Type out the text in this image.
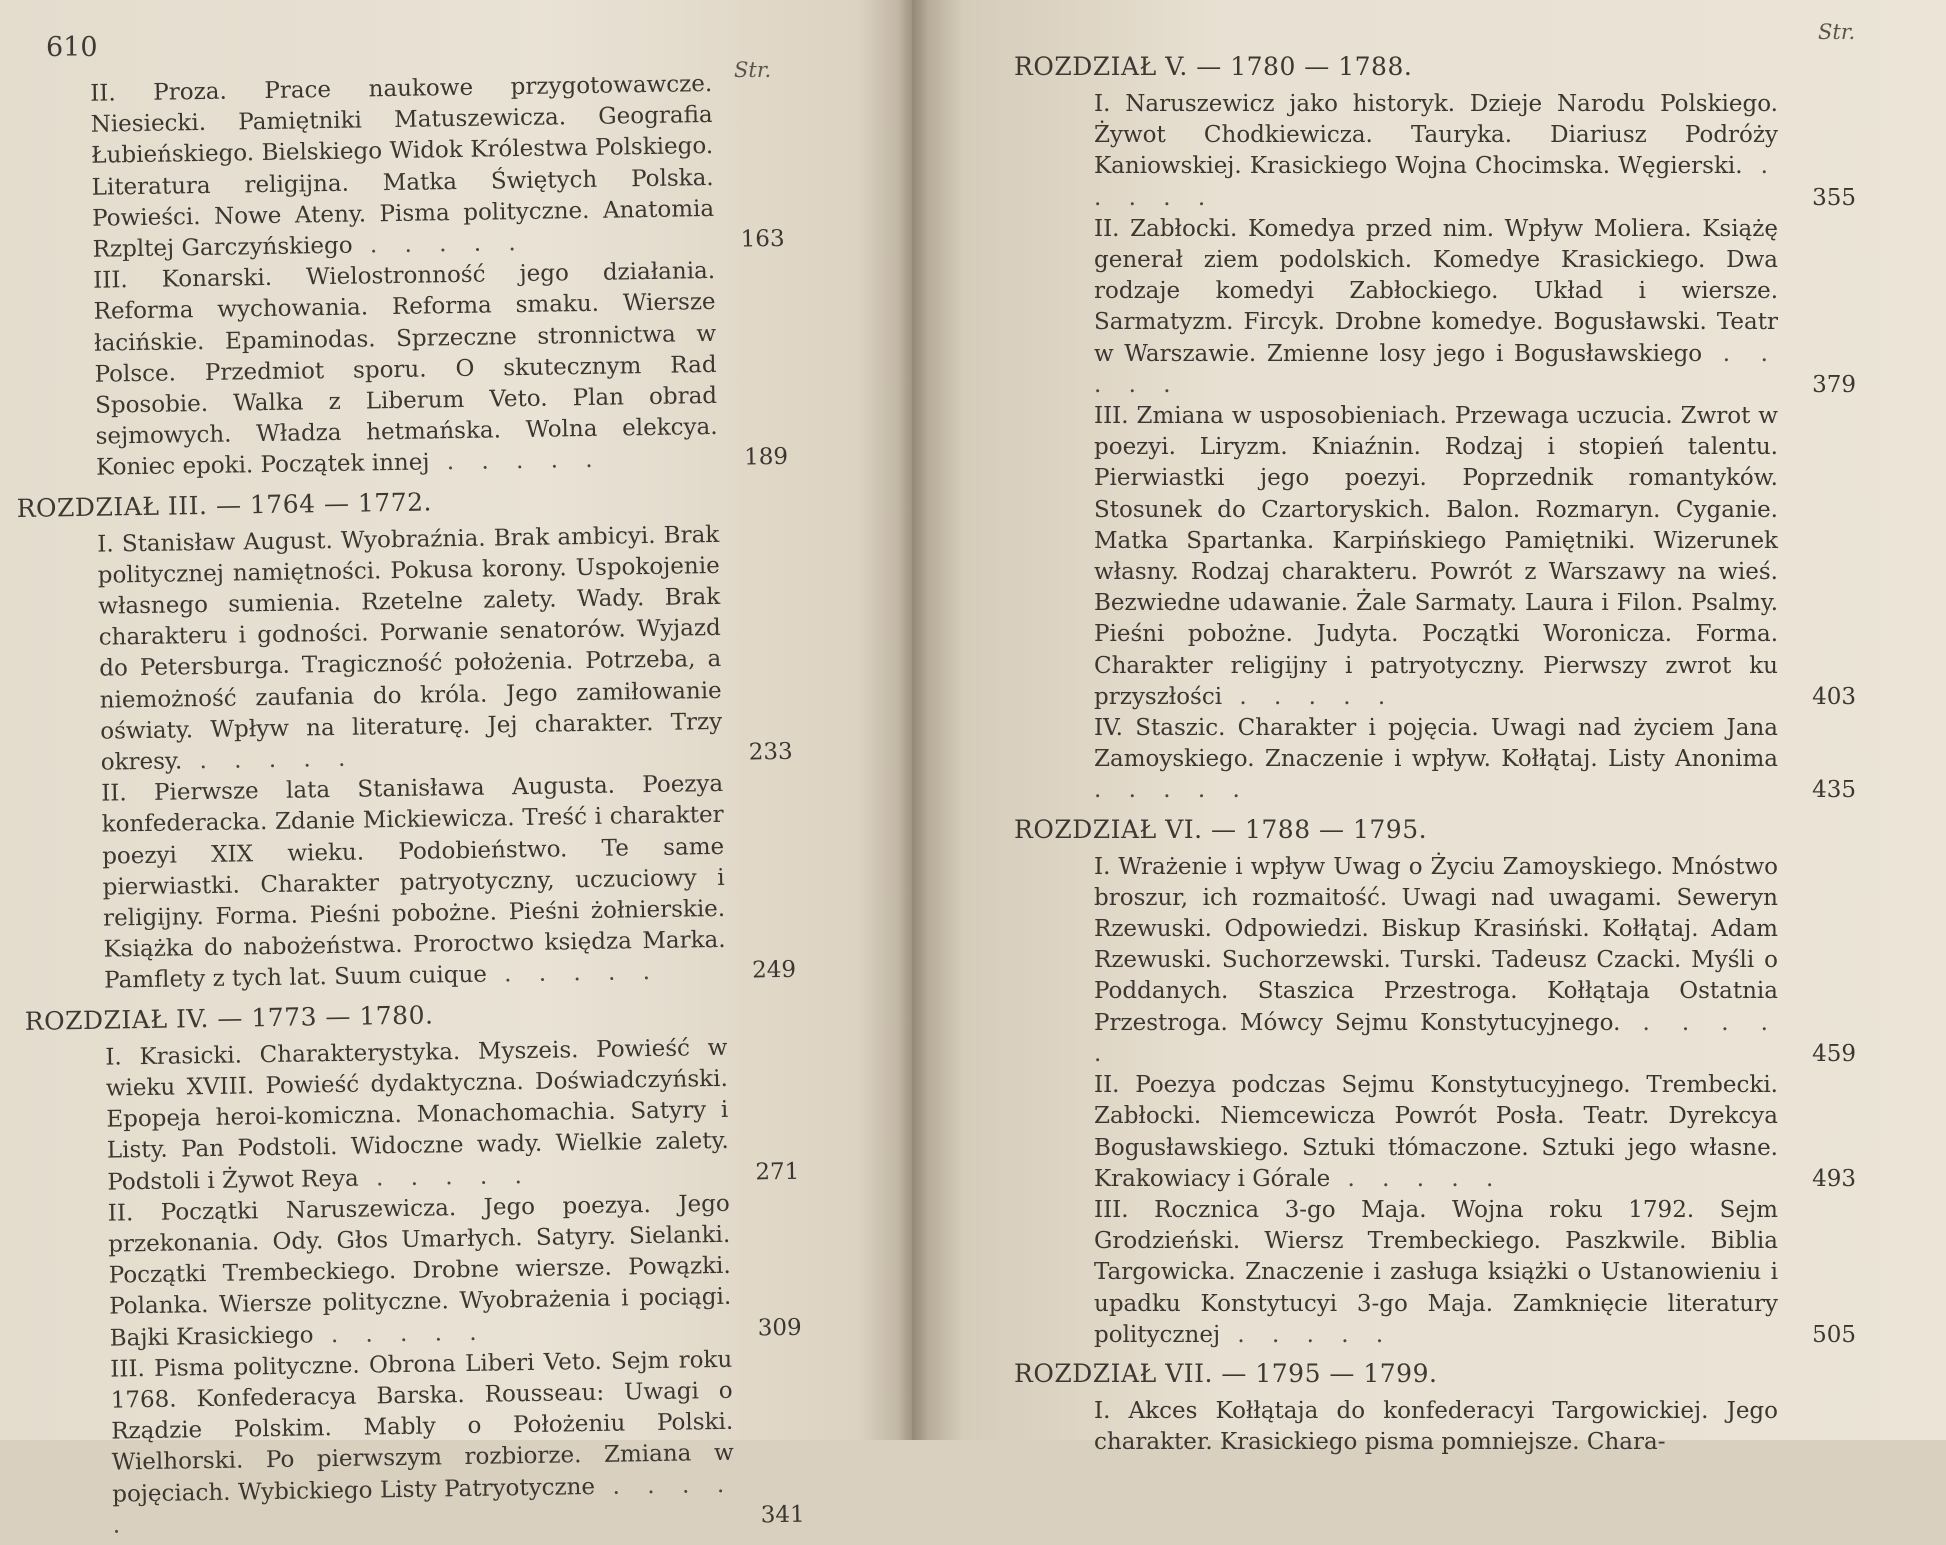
610
Str.
Str.
II. Proza. Prace naukowe przygotowawcze. Niesiecki. Pamiętniki Matuszewicza. Geografia Łubieńskiego. Bielskiego Widok Królestwa Polskiego. Literatura religijna. Matka Świętych Polska. Powieści. Nowe Ateny. Pisma polityczne. Anatomia Rzpltej Garczyńskiego . . . . .	163
III. Konarski. Wielostronność jego działania. Reforma wychowania. Reforma smaku. Wiersze łacińskie. Epaminodas. Sprzeczne stronnictwa w Polsce. Przedmiot sporu. O skutecznym Rad Sposobie. Walka z Liberum Veto. Plan obrad sejmowych. Władza hetmańska. Wolna elekcya. Koniec epoki. Początek innej . . . . .	189
ROZDZIAŁ III. — 1764 — 1772.
I. Stanisław August. Wyobraźnia. Brak ambicyi. Brak politycznej namiętności. Pokusa korony. Uspokojenie własnego sumienia. Rzetelne zalety. Wady. Brak charakteru i godności. Porwanie senatorów. Wyjazd do Petersburga. Tragiczność położenia. Potrzeba, a niemożność zaufania do króla. Jego zamiłowanie oświaty. Wpływ na literaturę. Jej charakter. Trzy okresy. . . . . .	233
II. Pierwsze lata Stanisława Augusta. Poezya konfederacka. Zdanie Mickiewicza. Treść i charakter poezyi XIX wieku. Podobieństwo. Te same pierwiastki. Charakter patryotyczny, uczuciowy i religijny. Forma. Pieśni pobożne. Pieśni żołnierskie. Książka do nabożeństwa. Proroctwo księdza Marka. Pamflety z tych lat. Suum cuique . . . . .	249
ROZDZIAŁ IV. — 1773 — 1780.
I. Krasicki. Charakterystyka. Myszeis. Powieść w wieku XVIII. Powieść dydaktyczna. Doświadczyński. Epopeja heroi-komiczna. Monachomachia. Satyry i Listy. Pan Podstoli. Widoczne wady. Wielkie zalety. Podstoli i Żywot Reya . . . . .	271
II. Początki Naruszewicza. Jego poezya. Jego przekonania. Ody. Głos Umarłych. Satyry. Sielanki. Początki Trembeckiego. Drobne wiersze. Powązki. Polanka. Wiersze polityczne. Wyobrażenia i pociągi. Bajki Krasickiego . . . . .	309
III. Pisma polityczne. Obrona Liberi Veto. Sejm roku 1768. Konfederacya Barska. Rousseau: Uwagi o Rządzie Polskim. Mably o Położeniu Polski. Wielhorski. Po pierwszym rozbiorze. Zmiana w pojęciach. Wybickiego Listy Patryotyczne . . . . .	341
ROZDZIAŁ V. — 1780 — 1788.
I. Naruszewicz jako historyk. Dzieje Narodu Polskiego. Żywot Chodkiewicza. Tauryka. Diariusz Podróży Kaniowskiej. Krasickiego Wojna Chocimska. Węgierski. . . . . .	355
II. Zabłocki. Komedya przed nim. Wpływ Moliera. Książę generał ziem podolskich. Komedye Krasickiego. Dwa rodzaje komedyi Zabłockiego. Układ i wiersze. Sarmatyzm. Fircyk. Drobne komedye. Bogusławski. Teatr w Warszawie. Zmienne losy jego i Bogusławskiego . . . . .	379
III. Zmiana w usposobieniach. Przewaga uczucia. Zwrot w poezyi. Liryzm. Kniaźnin. Rodzaj i stopień talentu. Pierwiastki jego poezyi. Poprzednik romantyków. Stosunek do Czartoryskich. Balon. Rozmaryn. Cyganie. Matka Spartanka. Karpińskiego Pamiętniki. Wizerunek własny. Rodzaj charakteru. Powrót z Warszawy na wieś. Bezwiedne udawanie. Żale Sarmaty. Laura i Filon. Psalmy. Pieśni pobożne. Judyta. Początki Woronicza. Forma. Charakter religijny i patryotyczny. Pierwszy zwrot ku przyszłości . . . . .	403
IV. Staszic. Charakter i pojęcia. Uwagi nad życiem Jana Zamoyskiego. Znaczenie i wpływ. Kołłątaj. Listy Anonima . . . . .	435
ROZDZIAŁ VI. — 1788 — 1795.
I. Wrażenie i wpływ Uwag o Życiu Zamoyskiego. Mnóstwo broszur, ich rozmaitość. Uwagi nad uwagami. Seweryn Rzewuski. Odpowiedzi. Biskup Krasiński. Kołłątaj. Adam Rzewuski. Suchorzewski. Turski. Tadeusz Czacki. Myśli o Poddanych. Staszica Przestroga. Kołłątaja Ostatnia Przestroga. Mówcy Sejmu Konstytucyjnego. . . . . .	459
II. Poezya podczas Sejmu Konstytucyjnego. Trembecki. Zabłocki. Niemcewicza Powrót Posła. Teatr. Dyrekcya Bogusławskiego. Sztuki tłómaczone. Sztuki jego własne. Krakowiacy i Górale . . . . .	493
III. Rocznica 3-go Maja. Wojna roku 1792. Sejm Grodzieński. Wiersz Trembeckiego. Paszkwile. Biblia Targowicka. Znaczenie i zasługa książki o Ustanowieniu i upadku Konstytucyi 3-go Maja. Zamknięcie literatury politycznej . . . . .	505
ROZDZIAŁ VII. — 1795 — 1799.
I. Akces Kołłątaja do konfederacyi Targowickiej. Jego charakter. Krasickiego pisma pomniejsze. Chara-
